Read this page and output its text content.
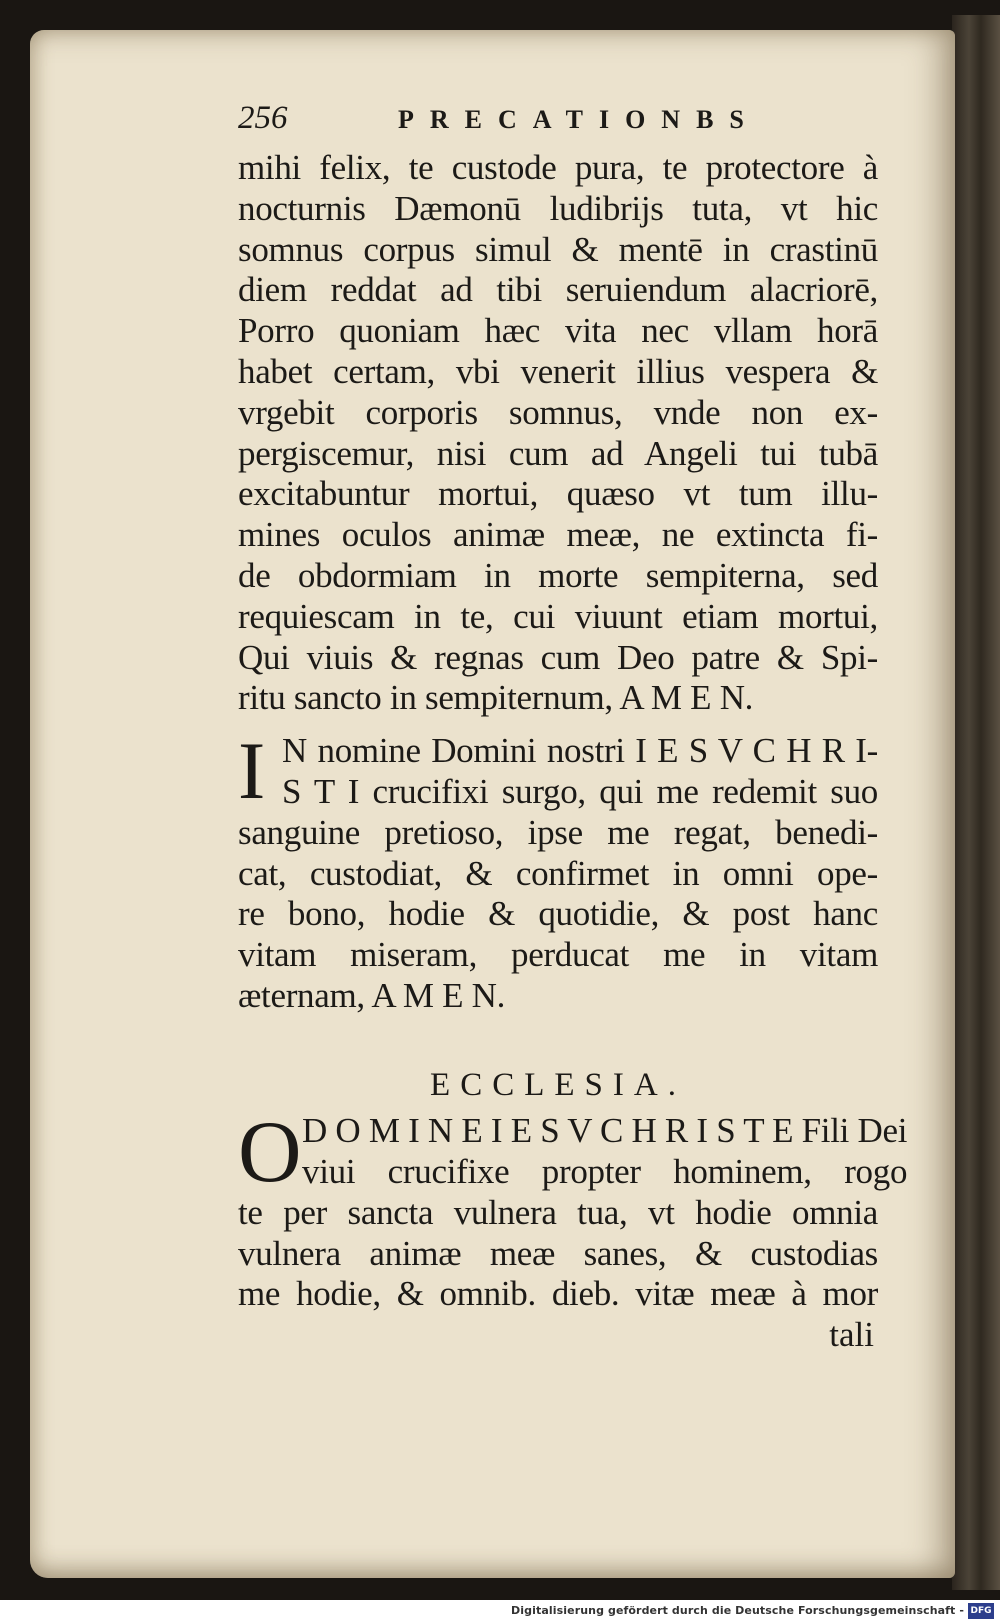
256	PRECATIONBS
mihi felix, te custode pura, te protectore à
nocturnis Dæmonū ludibrijs tuta, vt hic
somnus corpus simul & mentē in crastinū
diem reddat ad tibi seruiendum alacriorē,
Porro quoniam hæc vita nec vllam horā
habet certam, vbi venerit illius vespera &
vrgebit corporis somnus, vnde non ex-
pergiscemur, nisi cum ad Angeli tui tubā
excitabuntur mortui, quæso vt tum illu-
mines oculos animæ meæ, ne extincta fi-
de obdormiam in morte sempiterna, sed
requiescam in te, cui viuunt etiam mortui,
Qui viuis & regnas cum Deo patre & Spi-
ritu sancto in sempiternum, A M E N.
I N nomine Domini nostri I E S V C H R I-
S T I crucifixi surgo, qui me redemit suo
sanguine pretioso, ipse me regat, benedi-
cat, custodiat, & confirmet in omni ope-
re bono, hodie & quotidie, & post hanc
vitam miseram, perducat me in vitam
æternam, A M E N.
ECCLESIA.
O D O M I N E I E S V C H R I S T E Fili Dei
viui crucifixe propter hominem, rogo
te per sancta vulnera tua, vt hodie omnia
vulnera animæ meæ sanes, & custodias
me hodie, & omnib. dieb. vitæ meæ à mor
tali
Digitalisierung gefördert durch die Deutsche Forschungsgemeinschaft - DFG
